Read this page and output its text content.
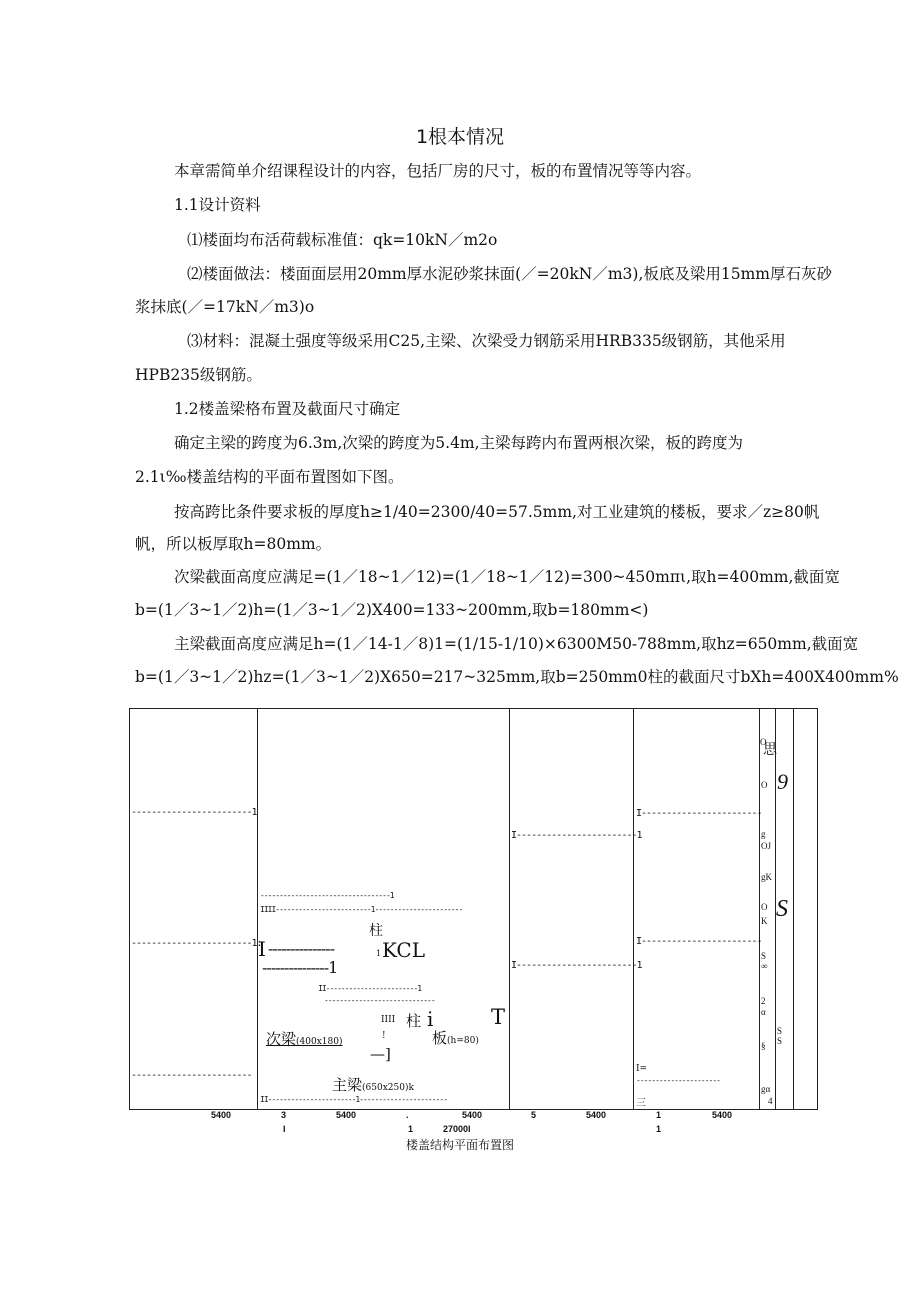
1根本情况
本章需简单介绍课程设计的内容，包括厂房的尺寸，板的布置情况等等内容。
1.1设计资料
⑴楼面均布活荷载标准值：qk=10kN／m2o
⑵楼面做法：楼面面层用20mm厚水泥砂浆抹面(／=20kN／m3),板底及梁用15mm厚石灰砂
浆抹底(／=17kN／m3)o
⑶材料：混凝土强度等级采用C25,主梁、次梁受力钢筋采用HRB335级钢筋，其他采用
HPB235级钢筋。
1.2楼盖梁格布置及截面尺寸确定
确定主梁的跨度为6.3m,次梁的跨度为5.4m,主梁每跨内布置两根次梁，板的跨度为
2.1ι‰楼盖结构的平面布置图如下图。
按高跨比条件要求板的厚度h≥1/40=2300/40=57.5mm,对工业建筑的楼板，要求／z≥80帆
帆，所以板厚取h=80mm。
次梁截面高度应满足=(1／18~1／12)=(1／18~1／12)=300~450mπι,取h=400mm,截面宽
b=(1／3~1／2)h=(1／3~1／2)X400=133~200mm,取b=180mm<)
主梁截面高度应满足h=(1／14-1／8)1=(1/15-1/10)×6300M50-788mm,取hz=650mm,截面宽
b=(1／3~1／2)hz=(1／3~1／2)X650=217~325mm,取b=250mm0柱的截面尺寸bXh=400X400mm%
------------------------1
------------------------1:
------------------------
----------------------------------1
IIII-------------------------1-----------------------
柱
I ---------------	1 KCL
---------------1
II------------------------1
-----------------------------
IIII 柱 i	T
次梁(400x180)
!	板(h=80)
—]
主梁(650x250)k
II-----------------------1-----------------------
I------------------------1
I------------------------1
I------------------------
I------------------------
I=
----------------------
三
O
思
O 9
g
OJ
gK
O
K S
S
∞
2
α
§
S
S
gα
4
5400	3	5400	.	5400	5	5400	1	5400
I	1	27000I	1
楼盖结构平面布置图
